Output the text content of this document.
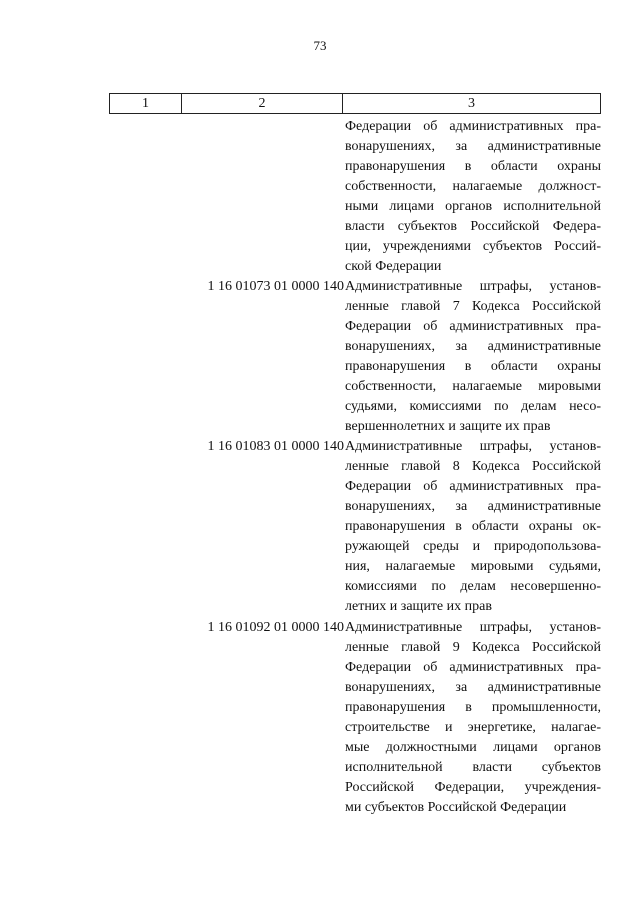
73
1	2	3
Федерации об административных пра-
вонарушениях, за административные
правонарушения в области охраны
собственности, налагаемые должност-
ными лицами органов исполнительной
власти субъектов Российской Федера-
ции, учреждениями субъектов Россий-
ской Федерации
1 16 01073 01 0000 140 Административные штрафы, установ-
ленные главой 7 Кодекса Российской
Федерации об административных пра-
вонарушениях, за административные
правонарушения в области охраны
собственности, налагаемые мировыми
судьями, комиссиями по делам несо-
вершеннолетних и защите их прав
1 16 01083 01 0000 140 Административные штрафы, установ-
ленные главой 8 Кодекса Российской
Федерации об административных пра-
вонарушениях, за административные
правонарушения в области охраны ок-
ружающей среды и природопользова-
ния, налагаемые мировыми судьями,
комиссиями по делам несовершенно-
летних и защите их прав
1 16 01092 01 0000 140 Административные штрафы, установ-
ленные главой 9 Кодекса Российской
Федерации об административных пра-
вонарушениях, за административные
правонарушения в промышленности,
строительстве и энергетике, налагае-
мые должностными лицами органов
исполнительной власти субъектов
Российской Федерации, учреждения-
ми субъектов Российской Федерации
